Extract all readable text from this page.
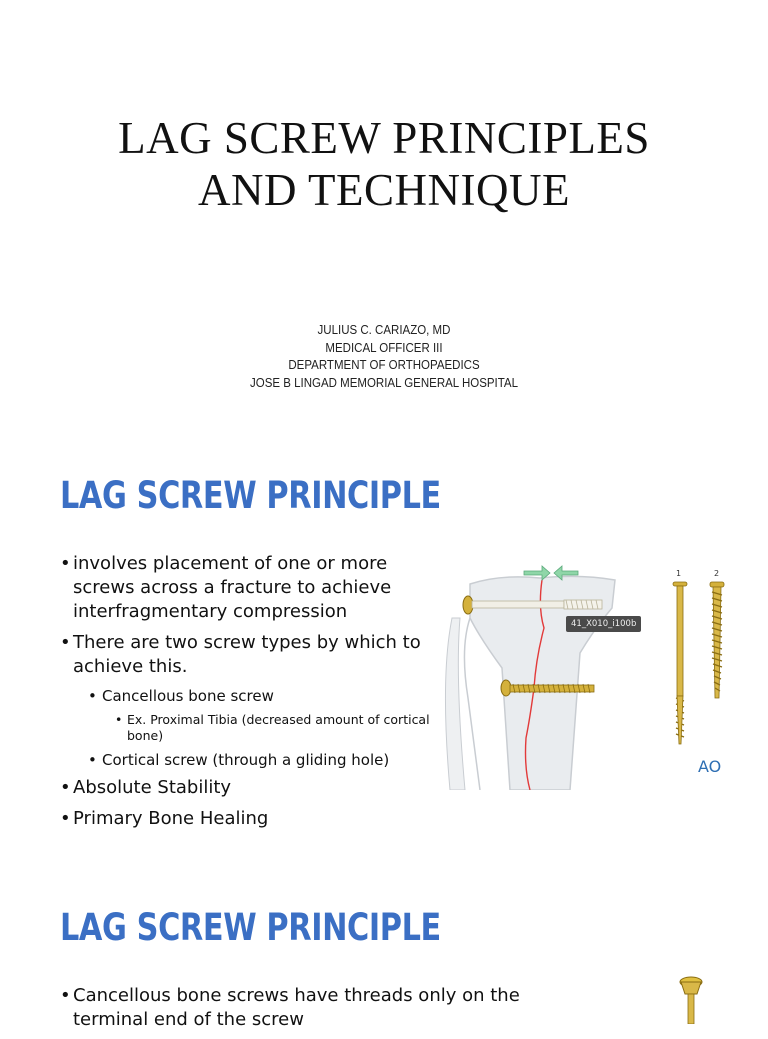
LAG SCREW PRINCIPLES
AND TECHNIQUE
JULIUS C. CARIAZO, MD
MEDICAL OFFICER III
DEPARTMENT OF ORTHOPAEDICS
JOSE B LINGAD MEMORIAL GENERAL HOSPITAL
LAG SCREW PRINCIPLE
• involves placement of one or more screws across a fracture to achieve interfragmentary compression
• There are two screw types by which to achieve this.
• Cancellous bone screw
• Ex. Proximal Tibia (decreased amount of cortical bone)
• Cortical screw (through a gliding hole)
• Absolute Stability
• Primary Bone Healing
1	2
AO
41_X010_i100b
LAG SCREW PRINCIPLE
• Cancellous bone screws have threads only on the terminal end of the screw
